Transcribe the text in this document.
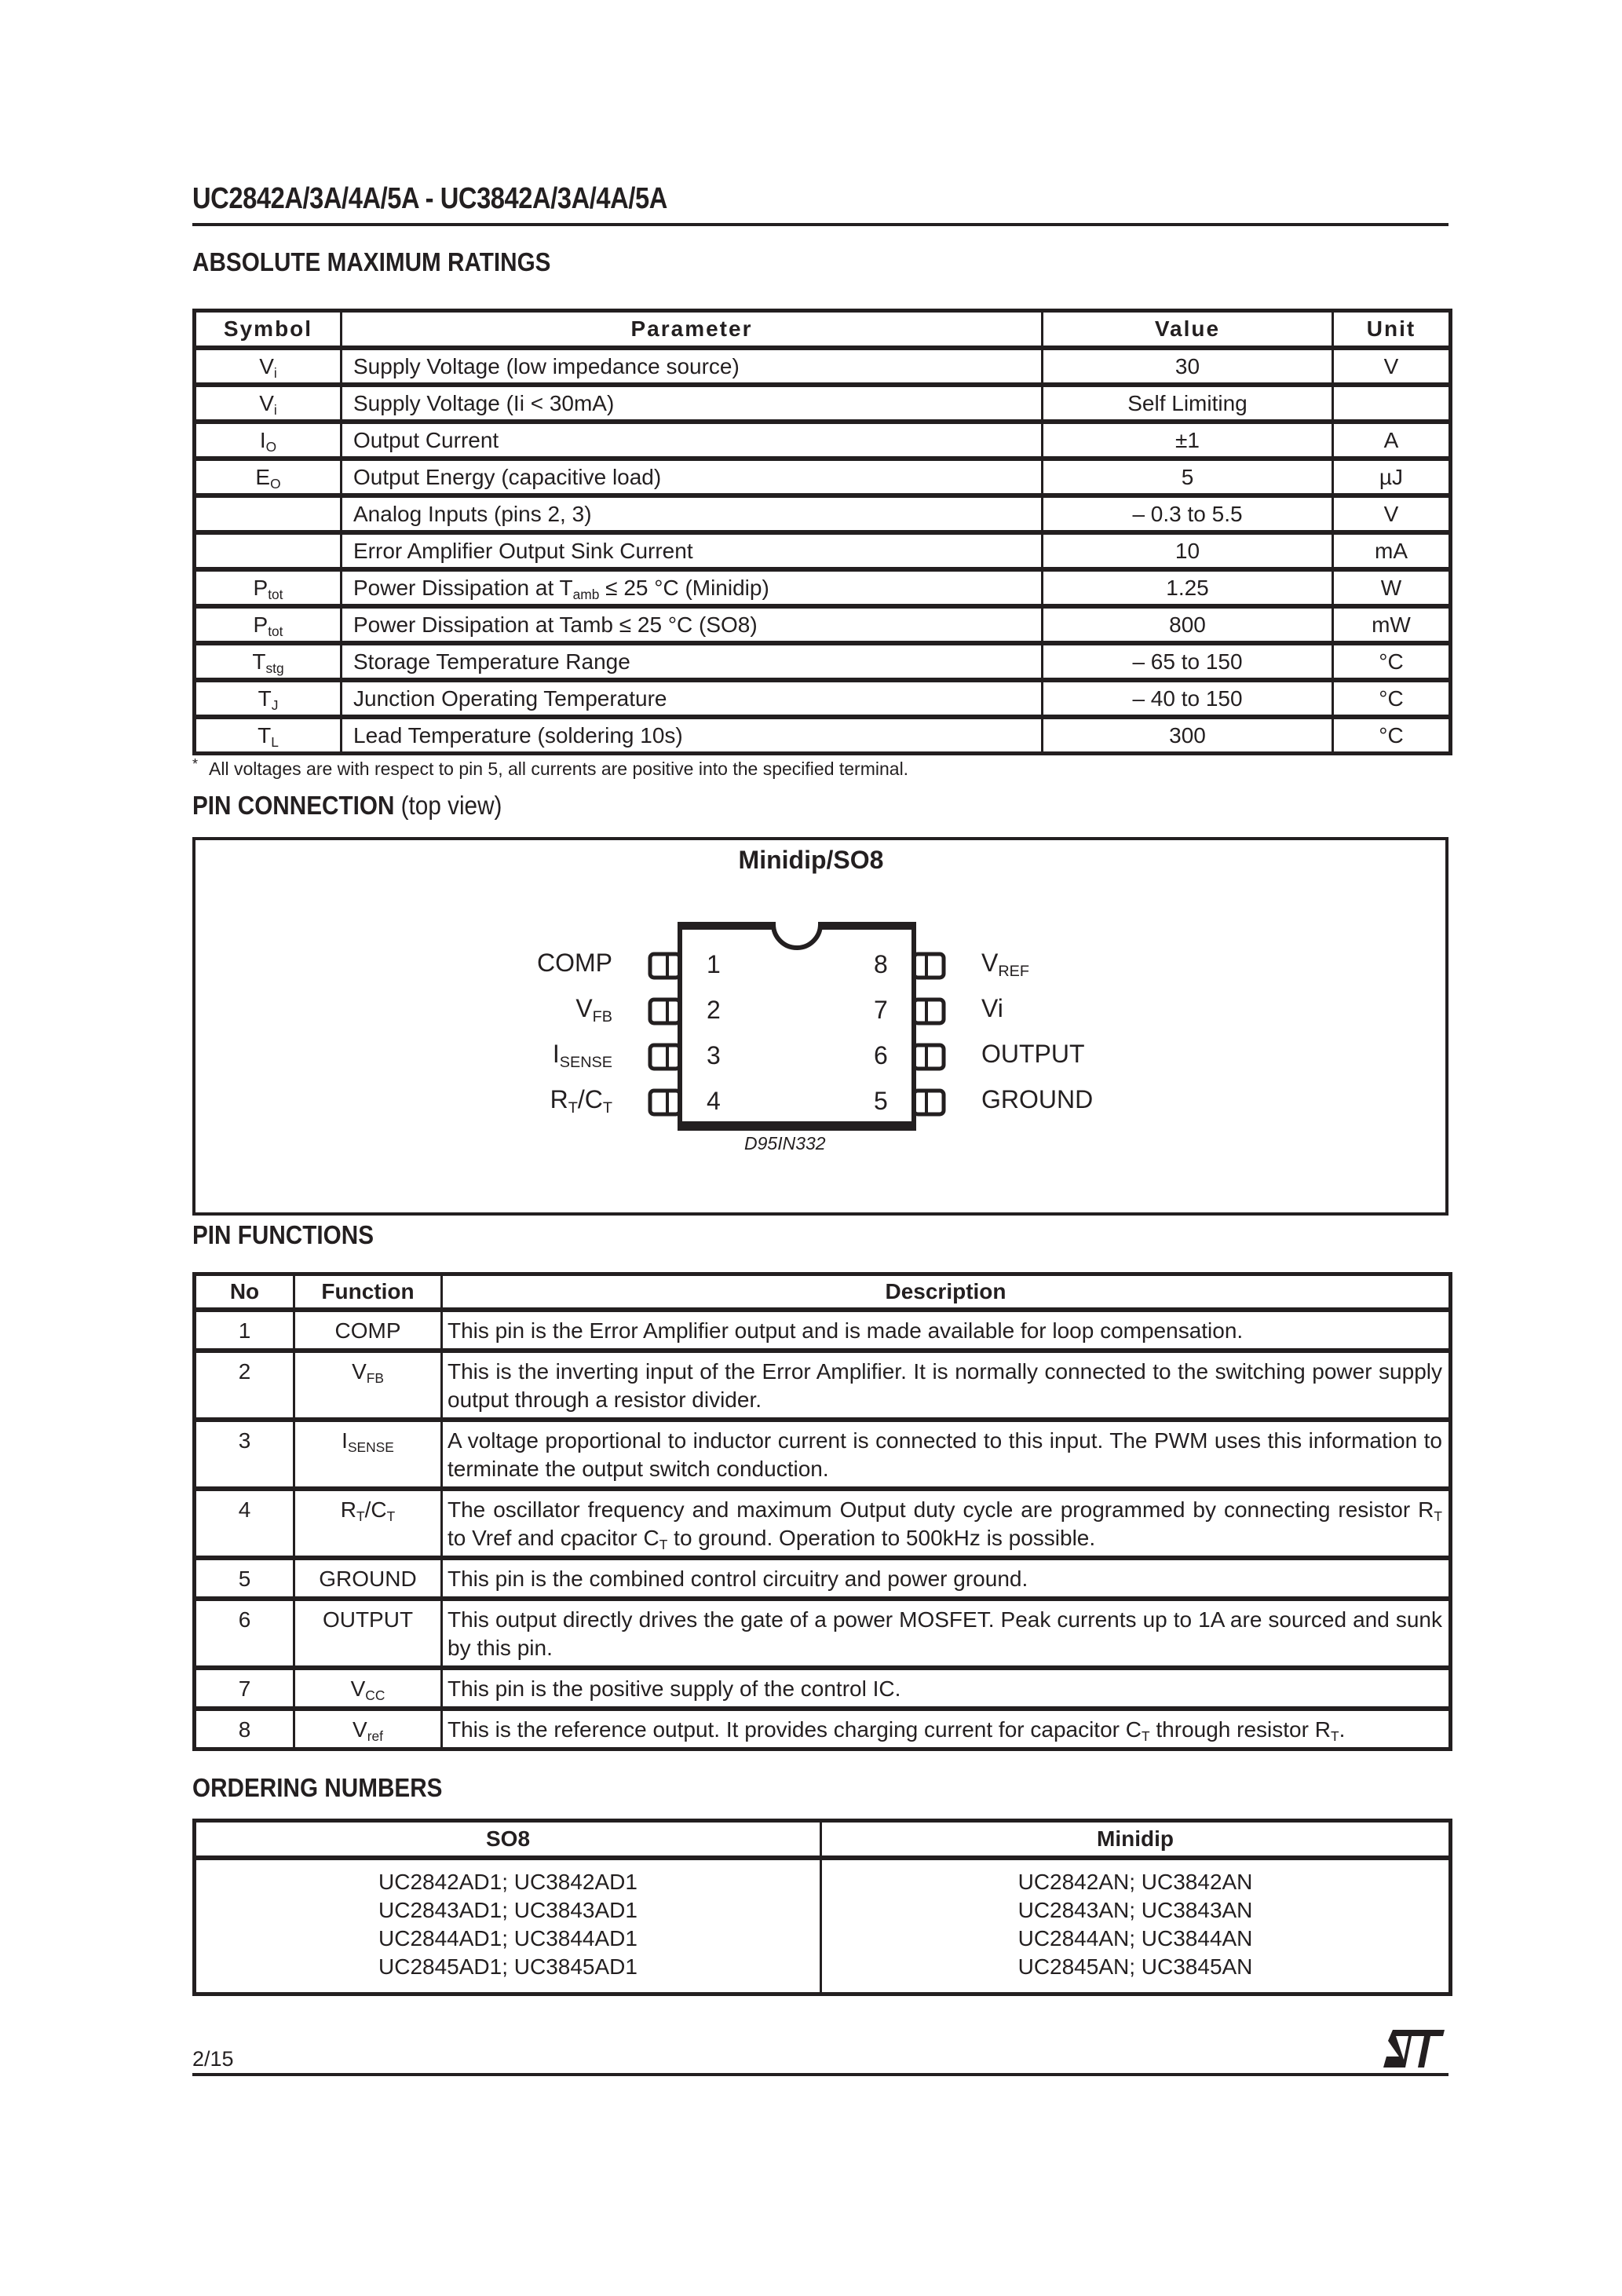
UC2842A/3A/4A/5A - UC3842A/3A/4A/5A
ABSOLUTE MAXIMUM RATINGS
Symbol	Parameter	Value	Unit
$V_i$	Supply Voltage (low impedance source)	30	V
$V_i$	Supply Voltage (Ii < 30mA)	Self Limiting	
$I_O$	Output Current	±1	A
$E_O$	Output Energy (capacitive load)	5	µJ
	Analog Inputs (pins 2, 3)	– 0.3 to 5.5	V
	Error Amplifier Output Sink Current	10	mA
$P_{tot}$	Power Dissipation at $T_{amb} \le 25$ °C (Minidip)	1.25	W
$P_{tot}$	Power Dissipation at Tamb ≤ 25 °C (SO8)	800	mW
$T_{stg}$	Storage Temperature Range	– 65 to 150	°C
$T_J$	Junction Operating Temperature	– 40 to 150	°C
$T_L$	Lead Temperature (soldering 10s)	300	°C
* All voltages are with respect to pin 5, all currents are positive into the specified terminal.
PIN CONNECTION (top view)
Minidip/SO8
COMP	1
$V_{FB}$	2
$I_{SENSE}$	3
$R_T/C_T$	4
$V_{REF}$
8
Vi
7
OUTPUT
6
GROUND
5
D95IN332
PIN FUNCTIONS
No	Function	Description
1	COMP	This pin is the Error Amplifier output and is made available for loop compensation.
2	$V_{FB}$	This is the inverting input of the Error Amplifier. It is normally connected to the switching power supply output through a resistor divider.
3	$I_{SENSE}$	A voltage proportional to inductor current is connected to this input. The PWM uses this information to terminate the output switch conduction.
4	$R_T/C_T$	The oscillator frequency and maximum Output duty cycle are programmed by connecting resistor $R_T$ to Vref and cpacitor $C_T$ to ground. Operation to 500kHz is possible.
5	GROUND	This pin is the combined control circuitry and power ground.
6	OUTPUT	This output directly drives the gate of a power MOSFET. Peak currents up to 1A are sourced and sunk by this pin.
7	$V_{CC}$	This pin is the positive supply of the control IC.
8	$V_{ref}$	This is the reference output. It provides charging current for capacitor $C_T$ through resistor $R_T$.
ORDERING NUMBERS
SO8	Minidip

UC2842AD1; UC3842AD1
UC2843AD1; UC3843AD1
UC2844AD1; UC3844AD1
UC2845AD1; UC3845AD1

UC2842AN; UC3842AN
UC2843AN; UC3843AN
UC2844AN; UC3844AN
UC2845AN; UC3845AN
2/15
